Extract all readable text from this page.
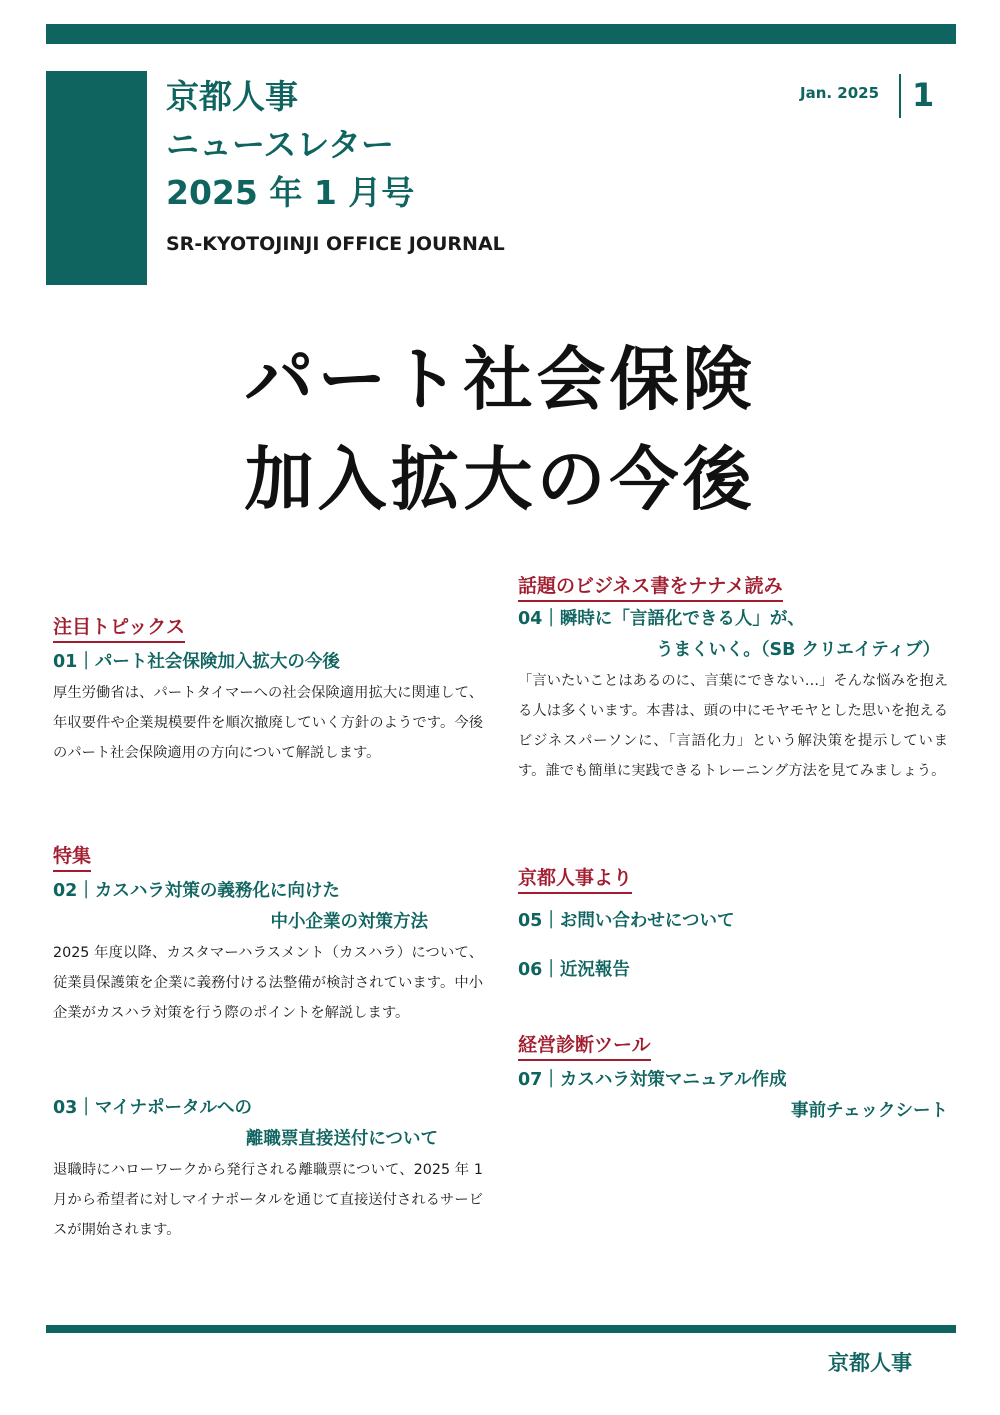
京都人事
ニュースレター
2025 年 1 月号
SR-KYOTOJINJI OFFICE JOURNAL
Jan. 2025 1
パート社会保険
加入拡大の今後
注目トピックス
01｜パート社会保険加入拡大の今後
厚生労働省は、パートタイマーへの社会保険適用拡大に関連して、年収要件や企業規模要件を順次撤廃していく方針のようです。今後のパート社会保険適用の方向について解説します。
特集
02｜カスハラ対策の義務化に向けた
中小企業の対策方法
2025 年度以降、カスタマーハラスメント（カスハラ）について、従業員保護策を企業に義務付ける法整備が検討されています。中小企業がカスハラ対策を行う際のポイントを解説します。
03｜マイナポータルへの
離職票直接送付について
退職時にハローワークから発行される離職票について、2025 年 1 月から希望者に対しマイナポータルを通じて直接送付されるサービスが開始されます。
話題のビジネス書をナナメ読み
04｜瞬時に「言語化できる人」が、
うまくいく。（SB クリエイティブ）
「言いたいことはあるのに、言葉にできない…」そんな悩みを抱える人は多くいます。本書は、頭の中にモヤモヤとした思いを抱えるビジネスパーソンに、「言語化力」という解決策を提示しています。誰でも簡単に実践できるトレーニング方法を見てみましょう。
京都人事より
05｜お問い合わせについて
06｜近況報告
経営診断ツール
07｜カスハラ対策マニュアル作成
事前チェックシート
京都人事
